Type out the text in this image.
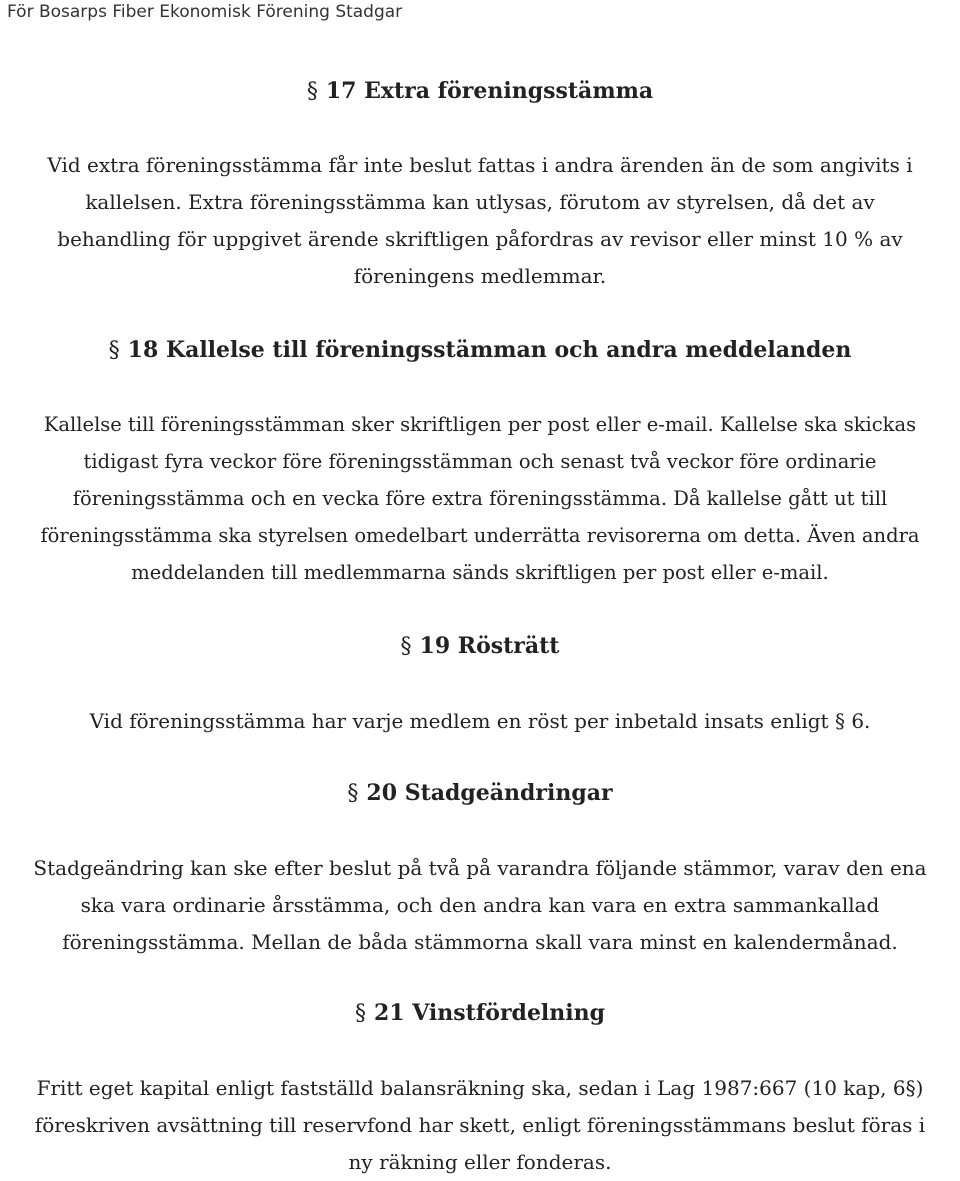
För Bosarps Fiber Ekonomisk Förening Stadgar
§ 17 Extra föreningsstämma
Vid extra föreningsstämma får inte beslut fattas i andra ärenden än de som angivits i
kallelsen. Extra föreningsstämma kan utlysas, förutom av styrelsen, då det av
behandling för uppgivet ärende skriftligen påfordras av revisor eller minst 10 % av
föreningens medlemmar.
§ 18 Kallelse till föreningsstämman och andra meddelanden
Kallelse till föreningsstämman sker skriftligen per post eller e-mail. Kallelse ska skickas
tidigast fyra veckor före föreningsstämman och senast två veckor före ordinarie
föreningsstämma och en vecka före extra föreningsstämma. Då kallelse gått ut till
föreningsstämma ska styrelsen omedelbart underrätta revisorerna om detta. Även andra
meddelanden till medlemmarna sänds skriftligen per post eller e-mail.
§ 19 Rösträtt
Vid föreningsstämma har varje medlem en röst per inbetald insats enligt § 6.
§ 20 Stadgeändringar
Stadgeändring kan ske efter beslut på två på varandra följande stämmor, varav den ena
ska vara ordinarie årsstämma, och den andra kan vara en extra sammankallad
föreningsstämma. Mellan de båda stämmorna skall vara minst en kalendermånad.
§ 21 Vinstfördelning
Fritt eget kapital enligt fastställd balansräkning ska, sedan i Lag 1987:667 (10 kap, 6§)
föreskriven avsättning till reservfond har skett, enligt föreningsstämmans beslut föras i
ny räkning eller fonderas.
